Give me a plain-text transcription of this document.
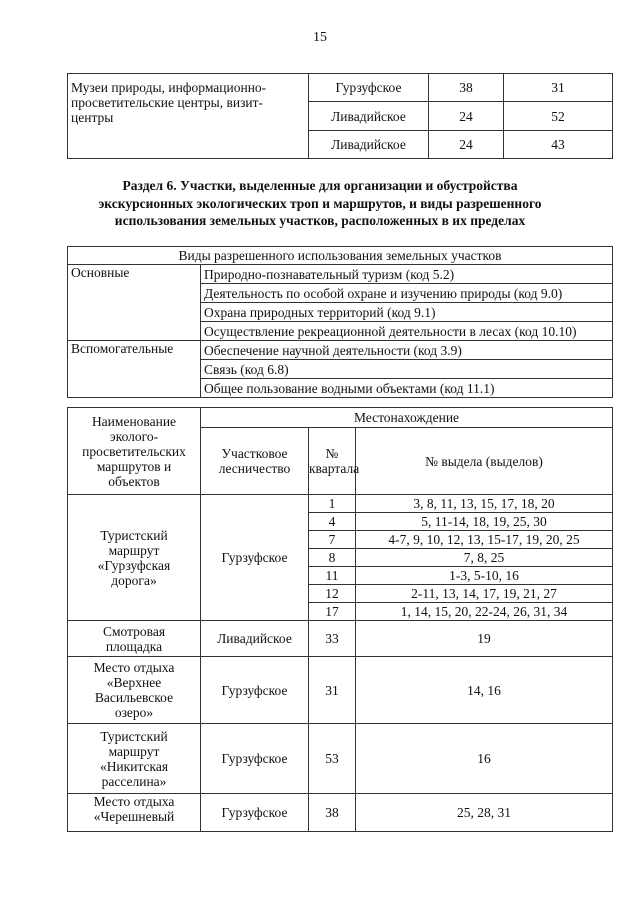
15
Музеи природы, информационно-просветительские центры, визит-центры	Гурзуфское	38	31
	Ливадийское	24	52
	Ливадийское	24	43
Раздел 6. Участки, выделенные для организации и обустройства
экскурсионных экологических троп и маршрутов, и виды разрешенного
использования земельных участков, расположенных в их пределах
Виды разрешенного использования земельных участков	
Основные	Природно-познавательный туризм (код 5.2)
	Деятельность по особой охране и изучению природы (код 9.0)
	Охрана природных территорий (код 9.1)
	Осуществление рекреационной деятельности в лесах (код 10.10)
Вспомогательные	Обеспечение научной деятельности (код 3.9)
	Связь (код 6.8)
	Общее пользование водными объектами (код 11.1)
Наименование эколого-просветительских маршрутов и объектов	Местонахождение		
	Участковое лесничество	№ квартала	№ выдела (выделов)
Туристский маршрут «Гурзуфская дорога»	Гурзуфское	1	3, 8, 11, 13, 15, 17, 18, 20
		4	5, 11-14, 18, 19, 25, 30
		7	4-7, 9, 10, 12, 13, 15-17, 19, 20, 25
		8	7, 8, 25
		11	1-3, 5-10, 16
		12	2-11, 13, 14, 17, 19, 21, 27
		17	1, 14, 15, 20, 22-24, 26, 31, 34
Смотровая площадка	Ливадийское	33	19
Место отдыха «Верхнее Васильевское озеро»	Гурзуфское	31	14, 16
Туристский маршрут «Никитская расселина»	Гурзуфское	53	16
Место отдыха «Черешневый	Гурзуфское	38	25, 28, 31
